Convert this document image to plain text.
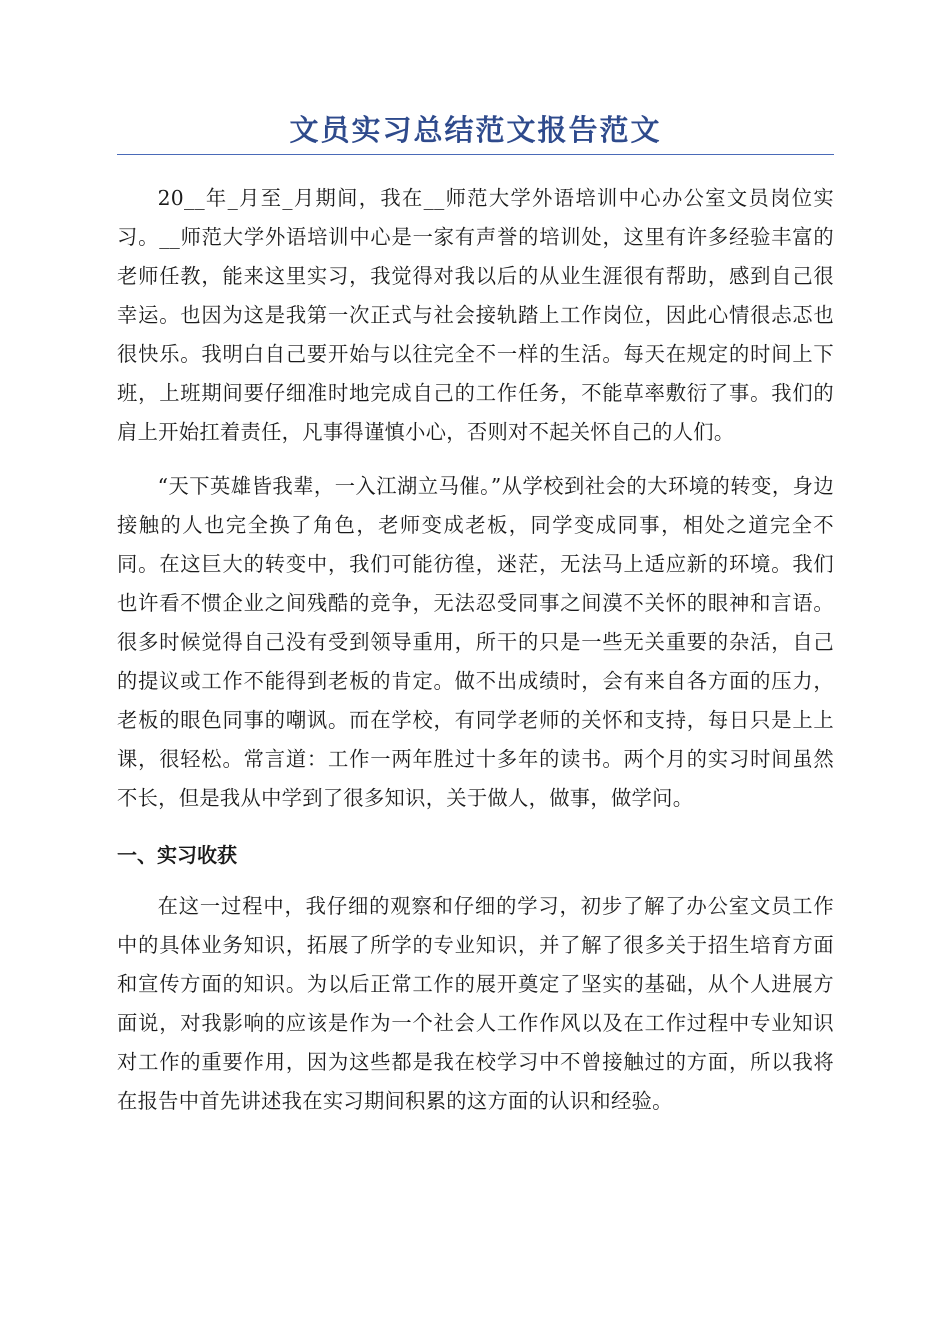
文员实习总结范文报告范文

20__年_月至_月期间，我在__师范大学外语培训中心办公室文员岗位实习。__师范大学外语培训中心是一家有声誉的培训处，这里有许多经验丰富的老师任教，能来这里实习，我觉得对我以后的从业生涯很有帮助，感到自己很幸运。也因为这是我第一次正式与社会接轨踏上工作岗位，因此心情很忐忑也很快乐。我明白自己要开始与以往完全不一样的生活。每天在规定的时间上下班，上班期间要仔细准时地完成自己的工作任务，不能草率敷衍了事。我们的肩上开始扛着责任，凡事得谨慎小心，否则对不起关怀自己的人们。

“天下英雄皆我辈，一入江湖立马催。”从学校到社会的大环境的转变，身边接触的人也完全换了角色，老师变成老板，同学变成同事，相处之道完全不同。在这巨大的转变中，我们可能彷徨，迷茫，无法马上适应新的环境。我们也许看不惯企业之间残酷的竞争，无法忍受同事之间漠不关怀的眼神和言语。很多时候觉得自己没有受到领导重用，所干的只是一些无关重要的杂活，自己的提议或工作不能得到老板的肯定。做不出成绩时，会有来自各方面的压力，老板的眼色同事的嘲讽。而在学校，有同学老师的关怀和支持，每日只是上上课，很轻松。常言道：工作一两年胜过十多年的读书。两个月的实习时间虽然不长，但是我从中学到了很多知识，关于做人，做事，做学问。

一、实习收获

在这一过程中，我仔细的观察和仔细的学习，初步了解了办公室文员工作中的具体业务知识，拓展了所学的专业知识，并了解了很多关于招生培育方面和宣传方面的知识。为以后正常工作的展开奠定了坚实的基础，从个人进展方面说，对我影响的应该是作为一个社会人工作作风以及在工作过程中专业知识对工作的重要作用，因为这些都是我在校学习中不曾接触过的方面，所以我将在报告中首先讲述我在实习期间积累的这方面的认识和经验。
